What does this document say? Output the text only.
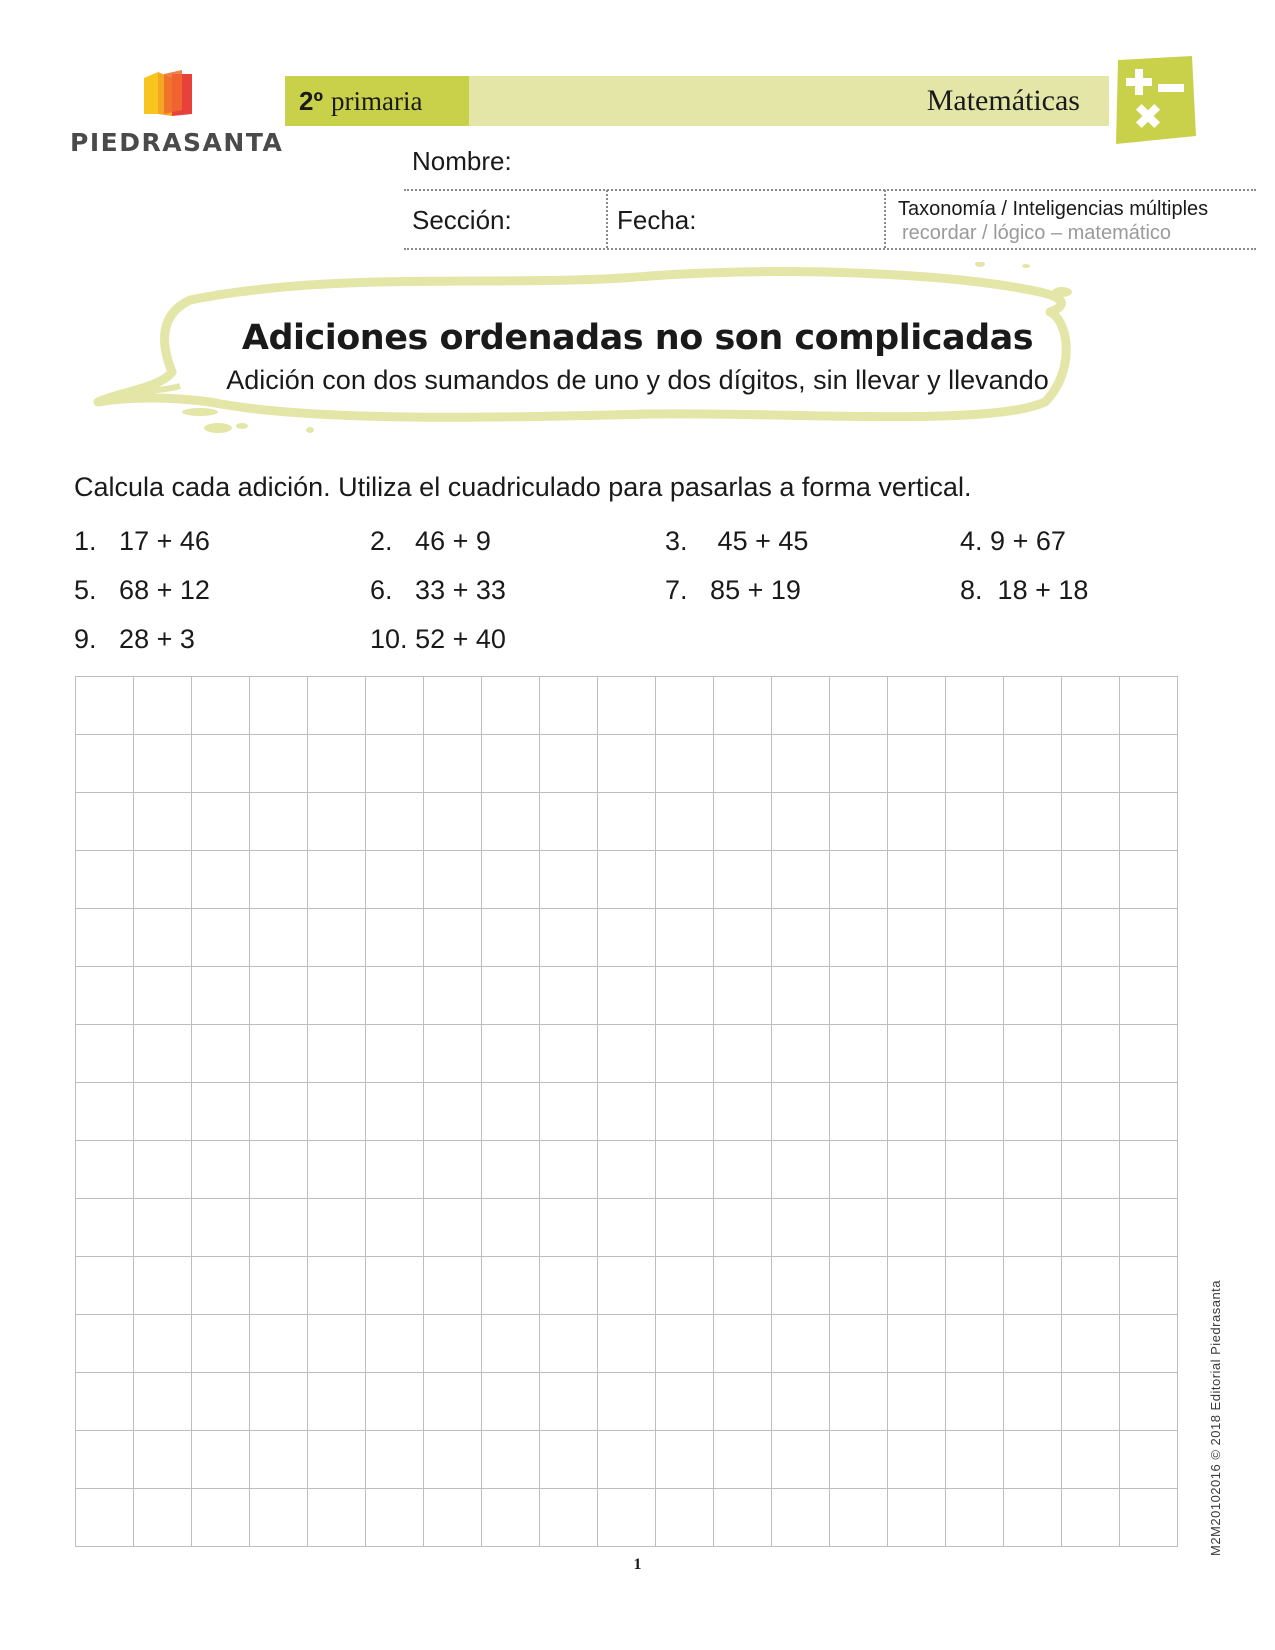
PIEDRASANTA
2º primaria	Matemáticas
Nombre:
Sección:	Fecha:	Taxonomía / Inteligencias múltiples
recordar / lógico – matemático
Adiciones ordenadas no son complicadas
Adición con dos sumandos de uno y dos dígitos, sin llevar y llevando
Calcula cada adición. Utiliza el cuadriculado para pasarlas a forma vertical.
1. 17 + 46	2. 46 + 9	3. 45 + 45	4. 9 + 67
5. 68 + 12	6. 33 + 33	7. 85 + 19	8. 18 + 18
9. 28 + 3	10. 52 + 40
1
M2M20102016 © 2018 Editorial Piedrasanta
